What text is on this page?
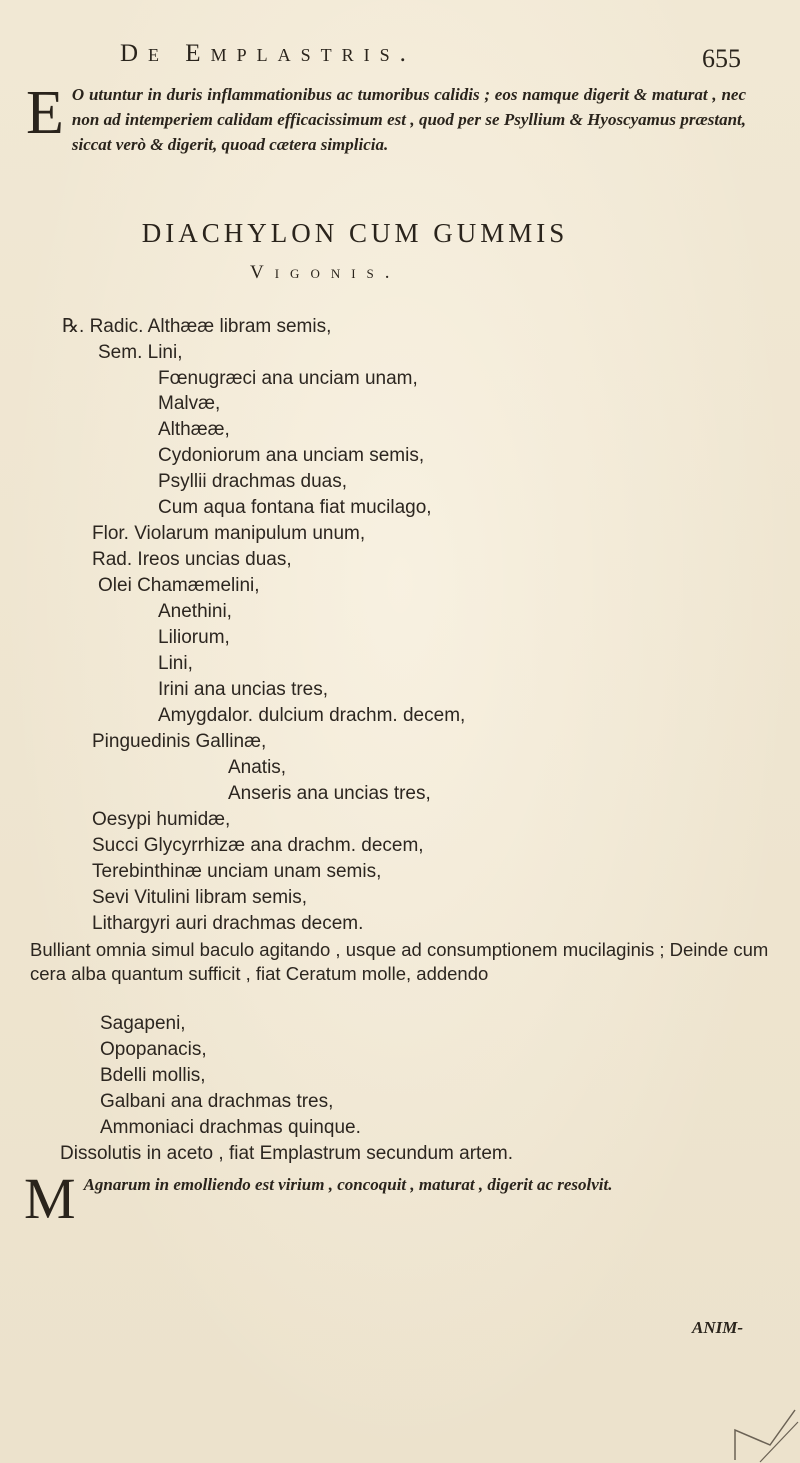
De Emplastris.	655
E O utuntur in duris inflammationibus ac tumoribus calidis ; eos namque digerit & maturat , nec non ad intemperiem calidam efficacissimum est , quod per se Psyllium & Hyoscyamus præstant, siccat verò & digerit, quoad cætera simplicia.

DIACHYLON CUM GUMMIS
Vigonis.
℞. Radic. Althææ libram semis,
Sem. Lini,
Fœnugræci ana unciam unam,
Malvæ,
Althææ,
Cydoniorum ana unciam semis,
Psyllii drachmas duas,
Cum aqua fontana fiat mucilago,
Flor. Violarum manipulum unum,
Rad. Ireos uncias duas,
Olei Chamæmelini,
Anethini,
Liliorum,
Lini,
Irini ana uncias tres,
Amygdalor. dulcium drachm. decem,
Pinguedinis Gallinæ,
Anatis,
Anseris ana uncias tres,
Oesypi humidæ,
Succi Glycyrrhizæ ana drachm. decem,
Terebinthinæ unciam unam semis,
Sevi Vitulini libram semis,
Lithargyri auri drachmas decem.
Bulliant omnia simul baculo agitando , usque ad consumptionem mucilaginis ; Deinde cum cera alba quantum sufficit , fiat Ceratum molle, addendo
Sagapeni,
Opopanacis,
Bdelli mollis,
Galbani ana drachmas tres,
Ammoniaci drachmas quinque.
Dissolutis in aceto , fiat Emplastrum secundum artem.
M Agnarum in emolliendo est virium , concoquit , maturat , digerit ac resolvit.

ANIM-
